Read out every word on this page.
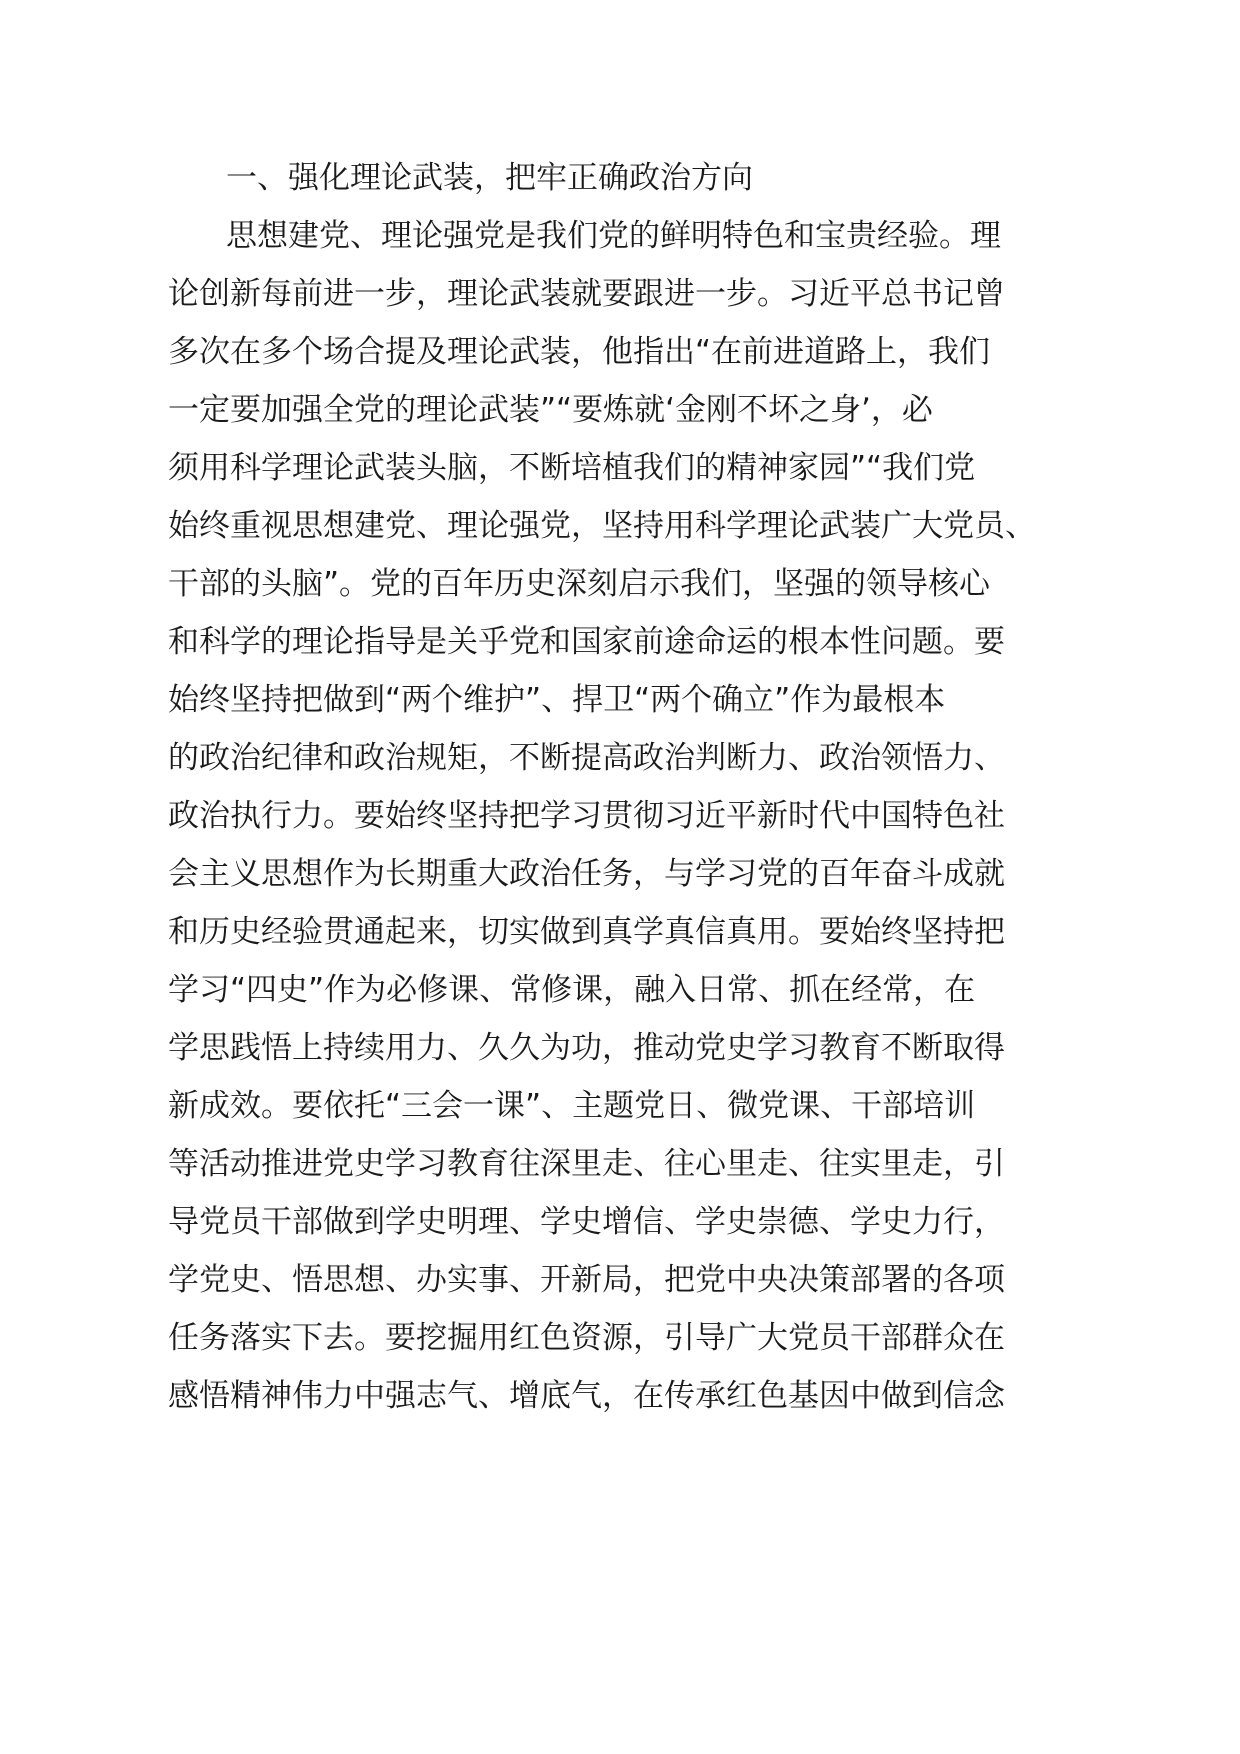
一、强化理论武装，把牢正确政治方向
思想建党、理论强党是我们党的鲜明特色和宝贵经验。理
论创新每前进一步，理论武装就要跟进一步。习近平总书记曾
多次在多个场合提及理论武装，他指出“在前进道路上，我们
一定要加强全党的理论武装”“要炼就‘金刚不坏之身’，必
须用科学理论武装头脑，不断培植我们的精神家园”“我们党
始终重视思想建党、理论强党，坚持用科学理论武装广大党员、
干部的头脑”。党的百年历史深刻启示我们，坚强的领导核心
和科学的理论指导是关乎党和国家前途命运的根本性问题。要
始终坚持把做到“两个维护”、捍卫“两个确立”作为最根本
的政治纪律和政治规矩，不断提高政治判断力、政治领悟力、
政治执行力。要始终坚持把学习贯彻习近平新时代中国特色社
会主义思想作为长期重大政治任务，与学习党的百年奋斗成就
和历史经验贯通起来，切实做到真学真信真用。要始终坚持把
学习“四史”作为必修课、常修课，融入日常、抓在经常，在
学思践悟上持续用力、久久为功，推动党史学习教育不断取得
新成效。要依托“三会一课”、主题党日、微党课、干部培训
等活动推进党史学习教育往深里走、往心里走、往实里走，引
导党员干部做到学史明理、学史增信、学史崇德、学史力行，
学党史、悟思想、办实事、开新局，把党中央决策部署的各项
任务落实下去。要挖掘用红色资源，引导广大党员干部群众在
感悟精神伟力中强志气、增底气，在传承红色基因中做到信念
